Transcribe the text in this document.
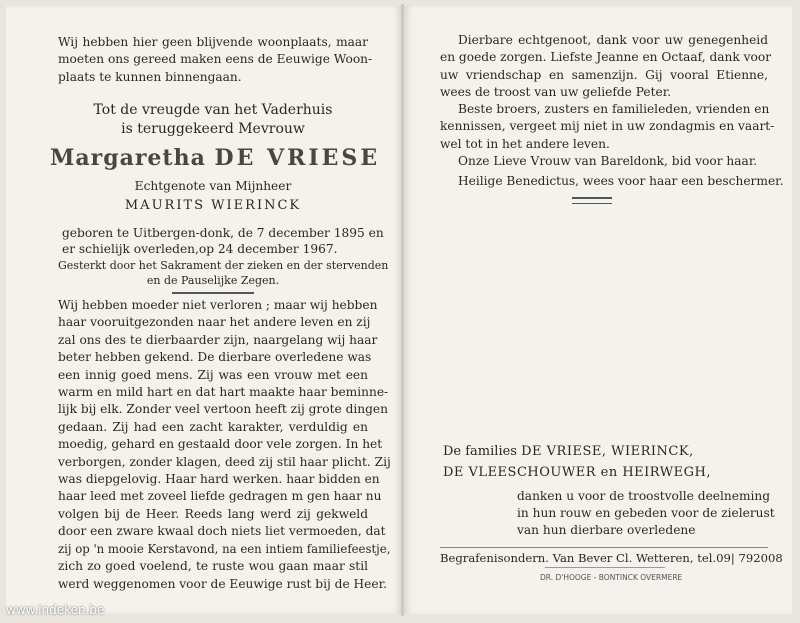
Wij hebben hier geen blijvende woonplaats, maar
moeten ons gereed maken eens de Eeuwige Woon-
plaats te kunnen binnengaan.
Tot de vreugde van het Vaderhuis
is teruggekeerd Mevrouw
Margaretha DE VRIESE
Echtgenote van Mijnheer
MAURITS WIERINCK
geboren te Uitbergen-donk, de 7 december 1895 en
er schielijk overleden,op 24 december 1967.
Gesterkt door het Sakrament der zieken en der stervenden
en de Pauselijke Zegen.
Wij hebben moeder niet verloren ; maar wij hebben
haar vooruitgezonden naar het andere leven en zij
zal ons des te dierbaarder zijn, naargelang wij haar
beter hebben gekend. De dierbare overledene was
een innig goed mens. Zij was een vrouw met een
warm en mild hart en dat hart maakte haar beminne-
lijk bij elk. Zonder veel vertoon heeft zij grote dingen
gedaan. Zij had een zacht karakter, verduldig en
moedig, gehard en gestaald door vele zorgen. In het
verborgen, zonder klagen, deed zij stil haar plicht. Zij
was diepgelovig. Haar hard werken. haar bidden en
haar leed met zoveel liefde gedragen m gen haar nu
volgen bij de Heer. Reeds lang werd zij gekweld
door een zware kwaal doch niets liet vermoeden, dat
zij op 'n mooie Kerstavond, na een intiem familiefeestje,
zich zo goed voelend, te ruste wou gaan maar stil
werd weggenomen voor de Eeuwige rust bij de Heer.
Dierbare echtgenoot, dank voor uw genegenheid
en goede zorgen. Liefste Jeanne en Octaaf, dank voor
uw vriendschap en samenzijn. Gij vooral Etienne,
wees de troost van uw geliefde Peter.
Beste broers, zusters en familieleden, vrienden en
kennissen, vergeet mij niet in uw zondagmis en vaart-
wel tot in het andere leven.
Onze Lieve Vrouw van Bareldonk, bid voor haar.
Heilige Benedictus, wees voor haar een beschermer.
De families DE VRIESE, WIERINCK,
DE VLEESCHOUWER en HEIRWEGH,
danken u voor de troostvolle deelneming
in hun rouw en gebeden voor de zielerust
van hun dierbare overledene
Begrafenisondern. Van Bever Cl. Wetteren, tel.09| 792008
DR. D'HOOGE - BONTINCK OVERMERE
www.indeken.be
